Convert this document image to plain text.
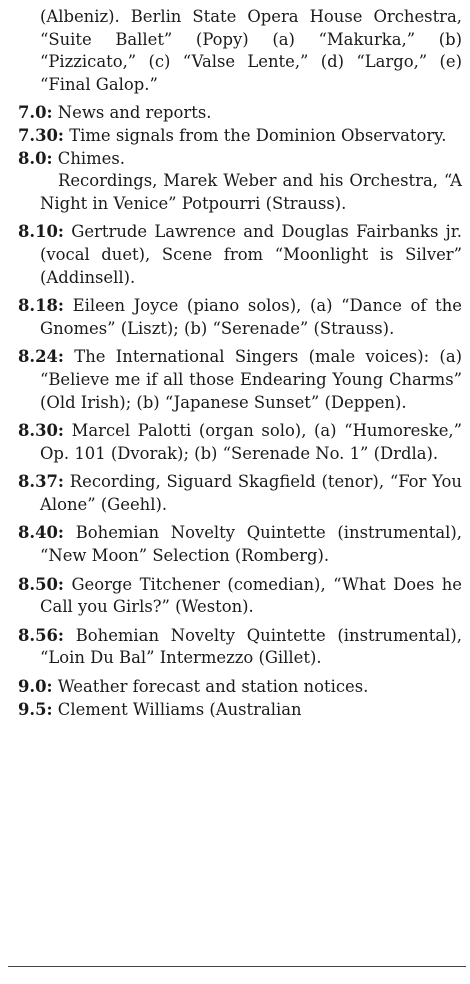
(Albeniz). Berlin State Opera House Orchestra, “Suite Ballet” (Popy) (a) “Makurka,” (b) “Pizzicato,” (c) “Valse Lente,” (d) “Largo,” (e) “Final Galop.”

7.0: News and reports.

7.30: Time signals from the Dominion Observatory.

8.0: Chimes.

Recordings, Marek Weber and his Orchestra, “A Night in Venice” Potpourri (Strauss).

8.10: Gertrude Lawrence and Douglas Fairbanks jr. (vocal duet), Scene from “Moonlight is Silver” (Addinsell).

8.18: Eileen Joyce (piano solos), (a) “Dance of the Gnomes” (Liszt); (b) “Serenade” (Strauss).

8.24: The International Singers (male voices): (a) “Believe me if all those Endearing Young Charms” (Old Irish); (b) “Japanese Sunset” (Deppen).

8.30: Marcel Palotti (organ solo), (a) “Humoreske,” Op. 101 (Dvorak); (b) “Serenade No. 1” (Drdla).

8.37: Recording, Siguard Skagfield (tenor), “For You Alone” (Geehl).

8.40: Bohemian Novelty Quintette (instrumental), “New Moon” Selection (Romberg).

8.50: George Titchener (comedian), “What Does he Call you Girls?” (Weston).

8.56: Bohemian Novelty Quintette (instrumental), “Loin Du Bal” Intermezzo (Gillet).

9.0: Weather forecast and station notices.

9.5: Clement Williams (Australian
